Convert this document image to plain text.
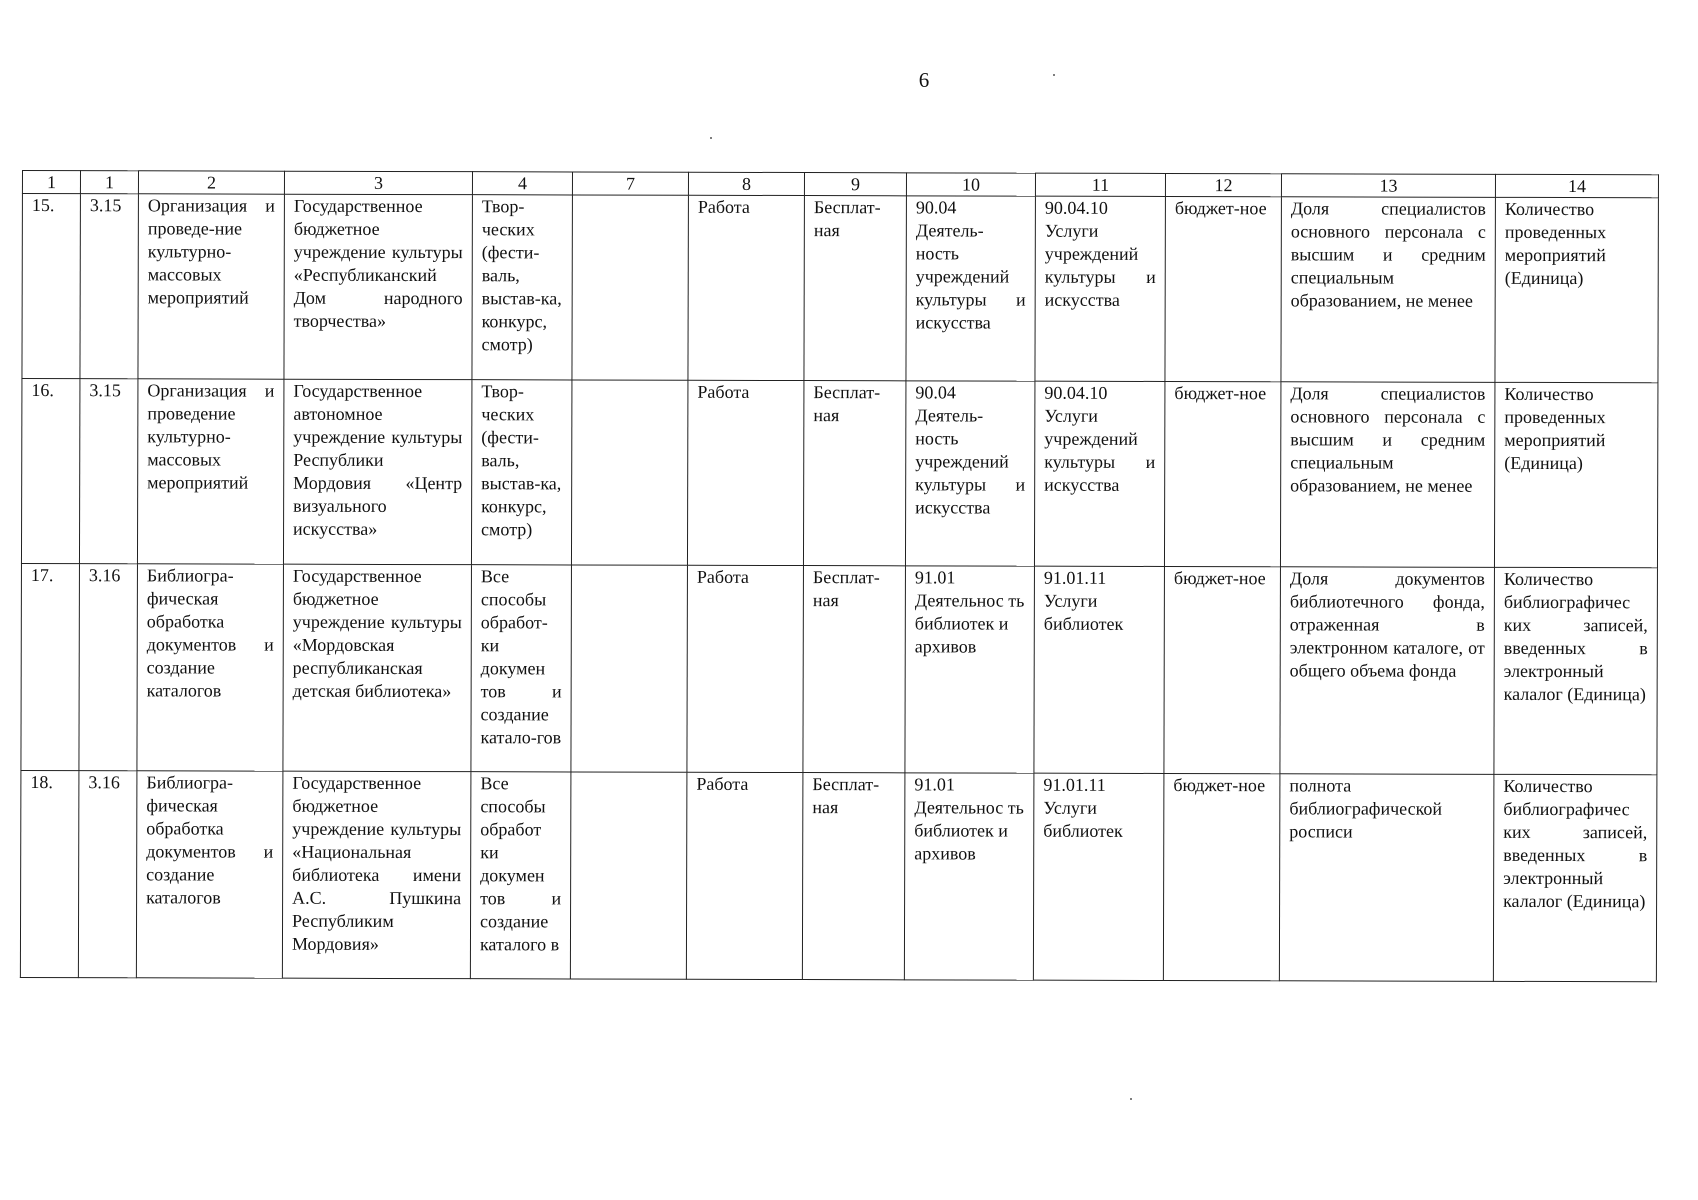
6
1	1	2	3	4	7	8	9	10	11	12	13	14
15.	3.15	Организация и проведе-ние культурно-массовых мероприятий	Государственное бюджетное учреждение культуры «Республиканский Дом народного творчества»	Твор-ческих (фести-валь, выстав-ка, конкурс, смотр)		Работа	Бесплат-ная	90.04 Деятель-ность учреждений культуры и искусства	90.04.10 Услуги учреждений культуры и искусства	бюджет-ное	Доля специалистов основного персонала с высшим и средним специальным образованием, не менее	Количество проведенных мероприятий (Единица)
16.	3.15	Организация и проведение культурно-массовых мероприятий	Государственное автономное учреждение культуры Республики Мордовия «Центр визуального искусства»	Твор-ческих (фести-валь, выстав-ка, конкурс, смотр)		Работа	Бесплат-ная	90.04 Деятель-ность учреждений культуры и искусства	90.04.10 Услуги учреждений культуры и искусства	бюджет-ное	Доля специалистов основного персонала с высшим и средним специальным образованием, не менее	Количество проведенных мероприятий (Единица)
17.	3.16	Библиогра-фическая обработка документов и создание каталогов	Государственное бюджетное учреждение культуры «Мордовская республиканская детская библиотека»	Все способы обработ-ки докумен тов и создание катало-гов		Работа	Бесплат-ная	91.01 Деятельнос ть библиотек и архивов	91.01.11 Услуги библиотек	бюджет-ное	Доля документов библиотечного фонда, отраженная в электронном каталоге, от общего объема фонда	Количество библиографичес ких записей, введенных в электронный калалог (Единица)
18.	3.16	Библиогра-фическая обработка документов и создание каталогов	Государственное бюджетное учреждение культуры «Национальная библиотека имени А.С. Пушкина Республиким Мордовия»	Все способы обработ ки докумен тов и создание каталого в		Работа	Бесплат-ная	91.01 Деятельнос ть библиотек и архивов	91.01.11 Услуги библиотек	бюджет-ное	полнота библиографической росписи	Количество библиографичес ких записей, введенных в электронный калалог (Единица)
